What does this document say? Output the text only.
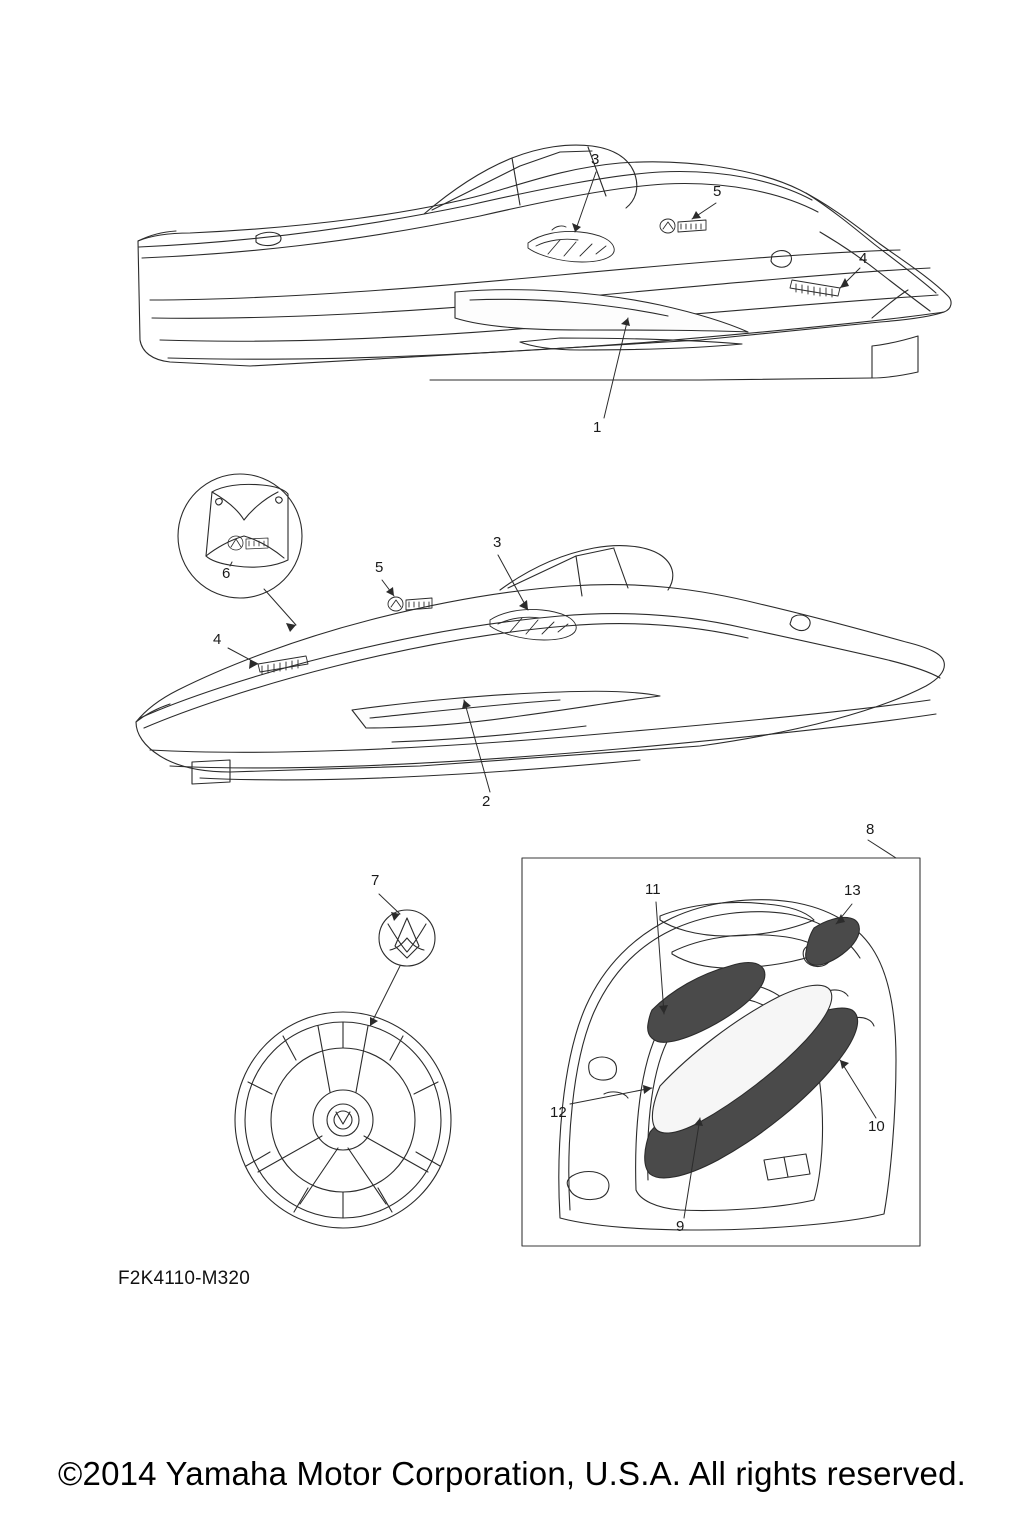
3
5
4
1
6	5
3
4
2
8
11	13
12
10
9
7
F2K4110-M320
©2014 Yamaha Motor Corporation, U.S.A. All rights reserved.
